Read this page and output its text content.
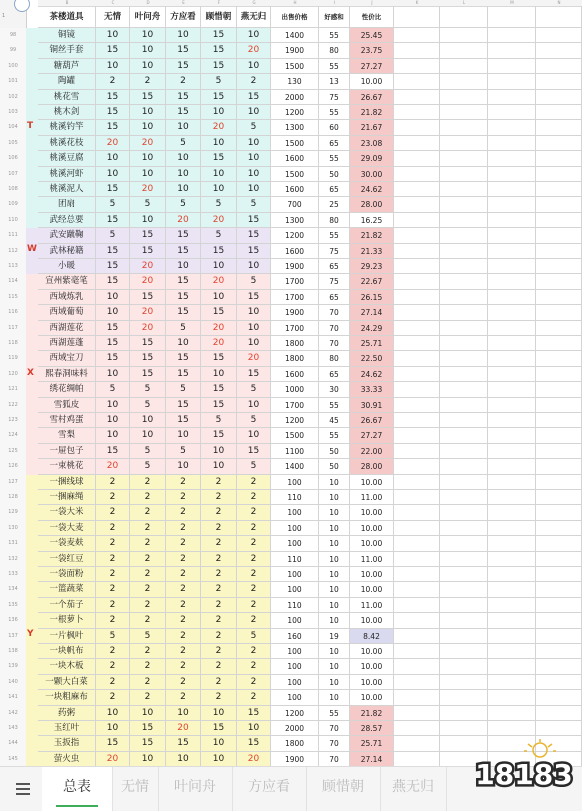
1
B	C	D	E	F	G	H	I	J	K	L	M	N
茶楼道具	无情	叶问舟	方应看	顾惜朝	燕无归	出售价格	好感和	性价比
98	铜镜	10	10	10	15	10	1400	55	25.45
99	铜丝手套	15	10	15	15	20	1900	80	23.75
100	糖葫芦	10	10	15	15	10	1500	55	27.27
101	陶罐	2	2	2	5	2	130	13	10.00
102	桃花雪	15	15	15	15	15	2000	75	26.67
103	桃木剑	15	10	15	10	10	1200	55	21.82
104	桃溪钓竿	15	10	10	20	5	1300	60	21.67
105	桃溪花枝	20	20	5	10	10	1500	65	23.08
106	桃溪豆腐	10	10	10	15	10	1600	55	29.09
107	桃溪河虾	10	10	10	10	10	1500	50	30.00
108	桃溪泥人	15	20	10	10	10	1600	65	24.62
109	团扇	5	5	5	5	5	700	25	28.00
110	武经总要	15	10	20	20	15	1300	80	16.25
111	武安蹴鞠	5	15	15	5	15	1200	55	21.82
112	武林秘籍	15	15	15	15	15	1600	75	21.33
113	小暖	15	20	10	10	10	1900	65	29.23
114	宣州紫毫笔	15	20	15	20	5	1700	75	22.67
115	西域炼乳	10	15	15	10	15	1700	65	26.15
116	西域葡萄	10	20	15	15	10	1900	70	27.14
117	西湖莲花	15	20	5	20	10	1700	70	24.29
118	西湖莲蓬	15	15	10	20	10	1800	70	25.71
119	西域宝刀	15	15	15	15	20	1800	80	22.50
120	熙春洞味料	10	15	15	10	15	1600	65	24.62
121	绣花绸帕	5	5	5	15	5	1000	30	33.33
122	雪狐皮	10	5	15	15	10	1700	55	30.91
123	雪村鸡蛋	10	10	15	5	5	1200	45	26.67
124	雪梨	10	10	10	15	10	1500	55	27.27
125	一屉包子	15	5	5	10	15	1100	50	22.00
126	一束桃花	20	5	10	10	5	1400	50	28.00
127	一捆线球	2	2	2	2	2	100	10	10.00
128	一捆麻绳	2	2	2	2	2	110	10	11.00
129	一袋大米	2	2	2	2	2	100	10	10.00
130	一袋大麦	2	2	2	2	2	100	10	10.00
131	一袋麦麸	2	2	2	2	2	100	10	10.00
132	一袋红豆	2	2	2	2	2	110	10	11.00
133	一袋面粉	2	2	2	2	2	100	10	10.00
134	一篮蔬菜	2	2	2	2	2	100	10	10.00
135	一个茄子	2	2	2	2	2	110	10	11.00
136	一根萝卜	2	2	2	2	2	100	10	10.00
137	一片枫叶	5	5	2	2	5	160	19	8.42
138	一块帆布	2	2	2	2	2	100	10	10.00
139	一块木板	2	2	2	2	2	100	10	10.00
140	一颗大白菜	2	2	2	2	2	100	10	10.00
141	一块粗麻布	2	2	2	2	2	100	10	10.00
142	药粥	10	10	10	10	15	1200	55	21.82
143	玉红叶	10	15	20	15	10	2000	70	28.57
144	玉扳指	15	15	15	10	15	1800	70	25.71
145	萤火虫	20	10	10	10	20	1900	70	27.14
T
W
X
Y
总表	无情	叶问舟	方应看	顾惜朝	燕无归	18183
